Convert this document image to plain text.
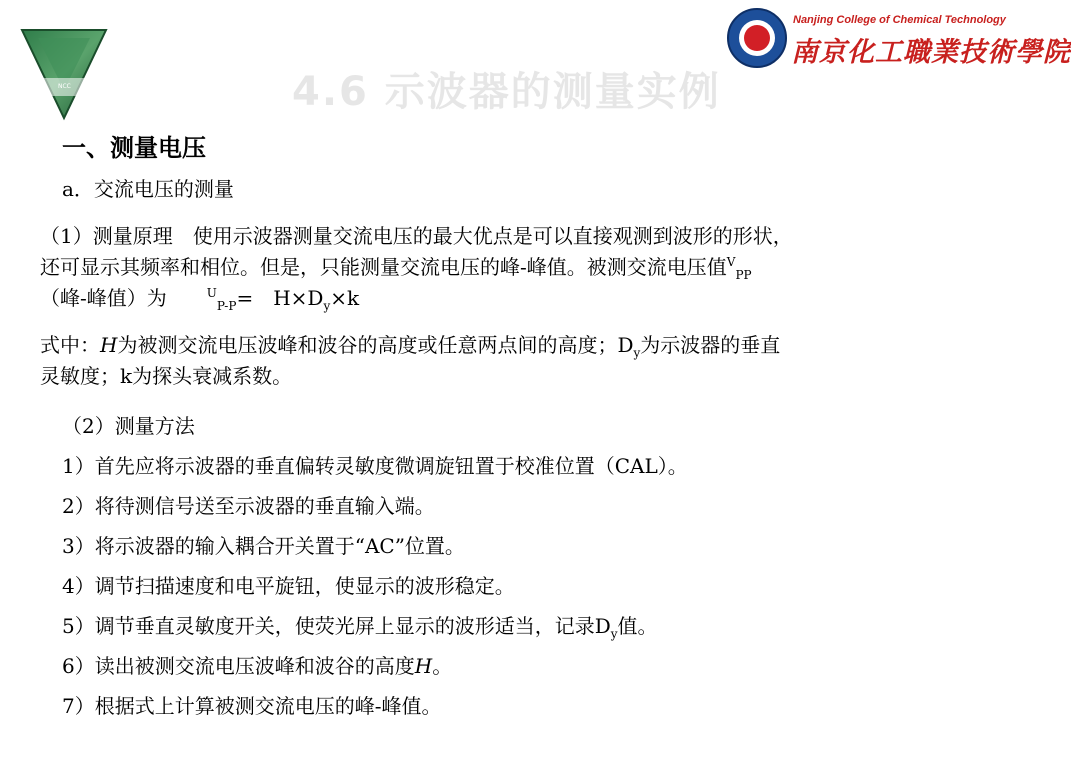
NCC
Nanjing College of Chemical Technology
南京化工職業技術學院
4.6 示波器的测量实例
一、测量电压
a．交流电压的测量
（1）测量原理　使用示波器测量交流电压的最大优点是可以直接观测到波形的形状，
还可显示其频率和相位。但是，只能测量交流电压的峰-峰值。被测交流电压值$^V_{PP}$
（峰-峰值）为　　$^U_{P-P}$=　$H\times D_y\times k$
式中：H为被测交流电压波峰和波谷的高度或任意两点间的高度；$D_y$为示波器的垂直
灵敏度；k为探头衰减系数。
（2）测量方法
1）首先应将示波器的垂直偏转灵敏度微调旋钮置于校准位置（CAL）。
2）将待测信号送至示波器的垂直输入端。
3）将示波器的输入耦合开关置于“AC”位置。
4）调节扫描速度和电平旋钮，使显示的波形稳定。
5）调节垂直灵敏度开关，使荧光屏上显示的波形适当，记录$D_y$值。
6）读出被测交流电压波峰和波谷的高度H。
7）根据式上计算被测交流电压的峰-峰值。
